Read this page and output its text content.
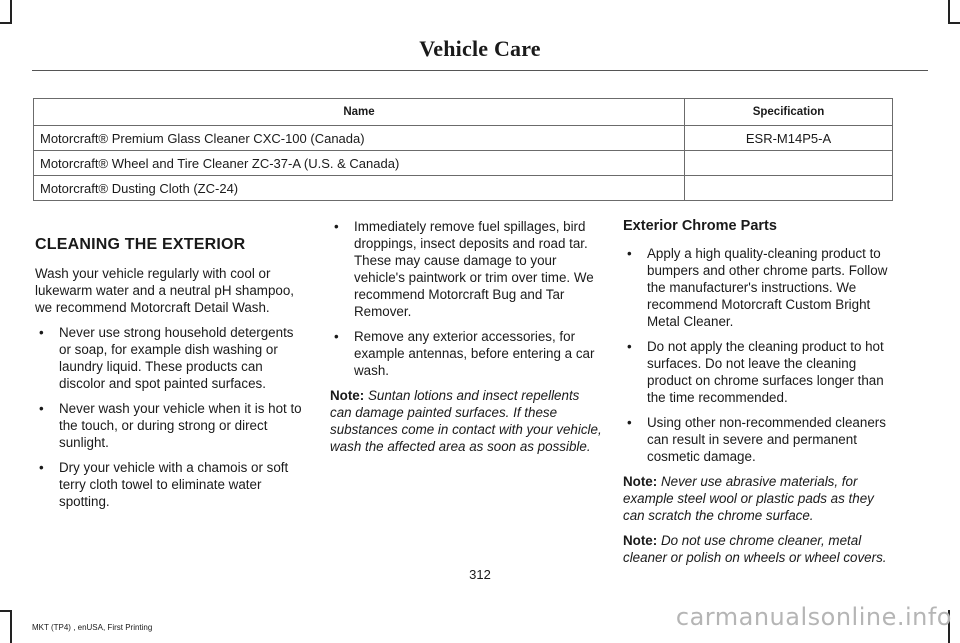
Vehicle Care
Name	Specification
Motorcraft® Premium Glass Cleaner CXC-100 (Canada)	ESR-M14P5-A
Motorcraft® Wheel and Tire Cleaner ZC-37-A (U.S. & Canada)	
Motorcraft® Dusting Cloth (ZC-24)	
CLEANING THE EXTERIOR

Wash your vehicle regularly with cool or lukewarm water and a neutral pH shampoo, we recommend Motorcraft Detail Wash.

• Never use strong household detergents or soap, for example dish washing or laundry liquid. These products can discolor and spot painted surfaces.
• Never wash your vehicle when it is hot to the touch, or during strong or direct sunlight.
• Dry your vehicle with a chamois or soft terry cloth towel to eliminate water spotting.
• Immediately remove fuel spillages, bird droppings, insect deposits and road tar. These may cause damage to your vehicle's paintwork or trim over time. We recommend Motorcraft Bug and Tar Remover.
• Remove any exterior accessories, for example antennas, before entering a car wash.

Note: Suntan lotions and insect repellents can damage painted surfaces. If these substances come in contact with your vehicle, wash the affected area as soon as possible.

Exterior Chrome Parts
• Apply a high quality-cleaning product to bumpers and other chrome parts. Follow the manufacturer's instructions. We recommend Motorcraft Custom Bright Metal Cleaner.
• Do not apply the cleaning product to hot surfaces. Do not leave the cleaning product on chrome surfaces longer than the time recommended.
• Using other non-recommended cleaners can result in severe and permanent cosmetic damage.

Note: Never use abrasive materials, for example steel wool or plastic pads as they can scratch the chrome surface.

Note: Do not use chrome cleaner, metal cleaner or polish on wheels or wheel covers.

312
MKT (TP4) , enUSA, First Printing	carmanualsonline.info
